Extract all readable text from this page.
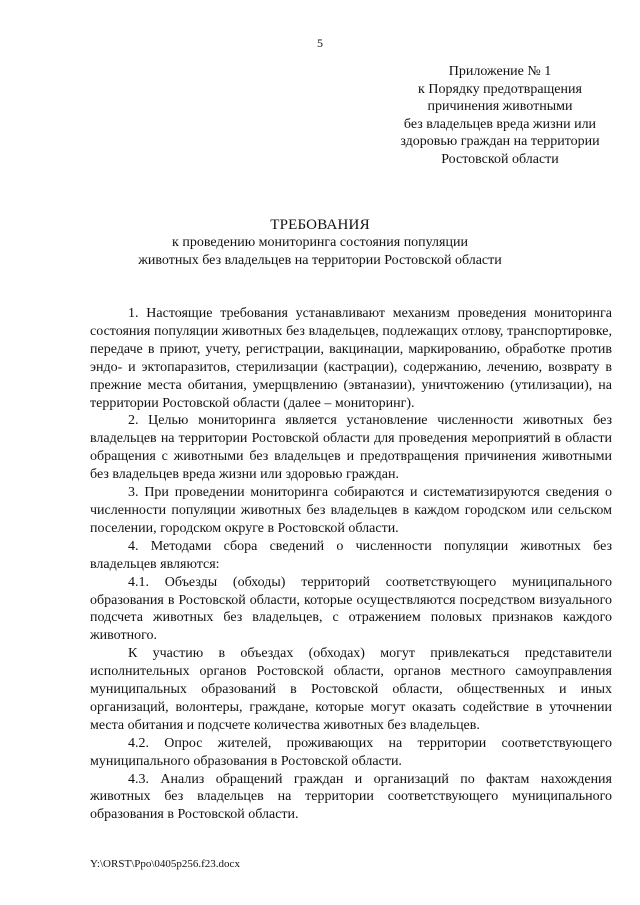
5
Приложение № 1
к Порядку предотвращения
причинения животными
без владельцев вреда жизни или
здоровью граждан на территории
Ростовской области
ТРЕБОВАНИЯ
к проведению мониторинга состояния популяции
животных без владельцев на территории Ростовской области

1. Настоящие требования устанавливают механизм проведения мониторинга состояния популяции животных без владельцев, подлежащих отлову, транспортировке, передаче в приют, учету, регистрации, вакцинации, маркированию, обработке против эндо- и эктопаразитов, стерилизации (кастрации), содержанию, лечению, возврату в прежние места обитания, умерщвлению (эвтаназии), уничтожению (утилизации), на территории Ростовской области (далее – мониторинг).

2. Целью мониторинга является установление численности животных без владельцев на территории Ростовской области для проведения мероприятий в области обращения с животными без владельцев и предотвращения причинения животными без владельцев вреда жизни или здоровью граждан.

3. При проведении мониторинга собираются и систематизируются сведения о численности популяции животных без владельцев в каждом городском или сельском поселении, городском округе в Ростовской области.

4. Методами сбора сведений о численности популяции животных без владельцев являются:

4.1. Объезды (обходы) территорий соответствующего муниципального образования в Ростовской области, которые осуществляются посредством визуального подсчета животных без владельцев, с отражением половых признаков каждого животного.

К участию в объездах (обходах) могут привлекаться представители исполнительных органов Ростовской области, органов местного самоуправления муниципальных образований в Ростовской области, общественных и иных организаций, волонтеры, граждане, которые могут оказать содействие в уточнении места обитания и подсчете количества животных без владельцев.

4.2. Опрос жителей, проживающих на территории соответствующего муниципального образования в Ростовской области.

4.3. Анализ обращений граждан и организаций по фактам нахождения животных без владельцев на территории соответствующего муниципального образования в Ростовской области.

Y:\ORST\Ppo\0405p256.f23.docx
